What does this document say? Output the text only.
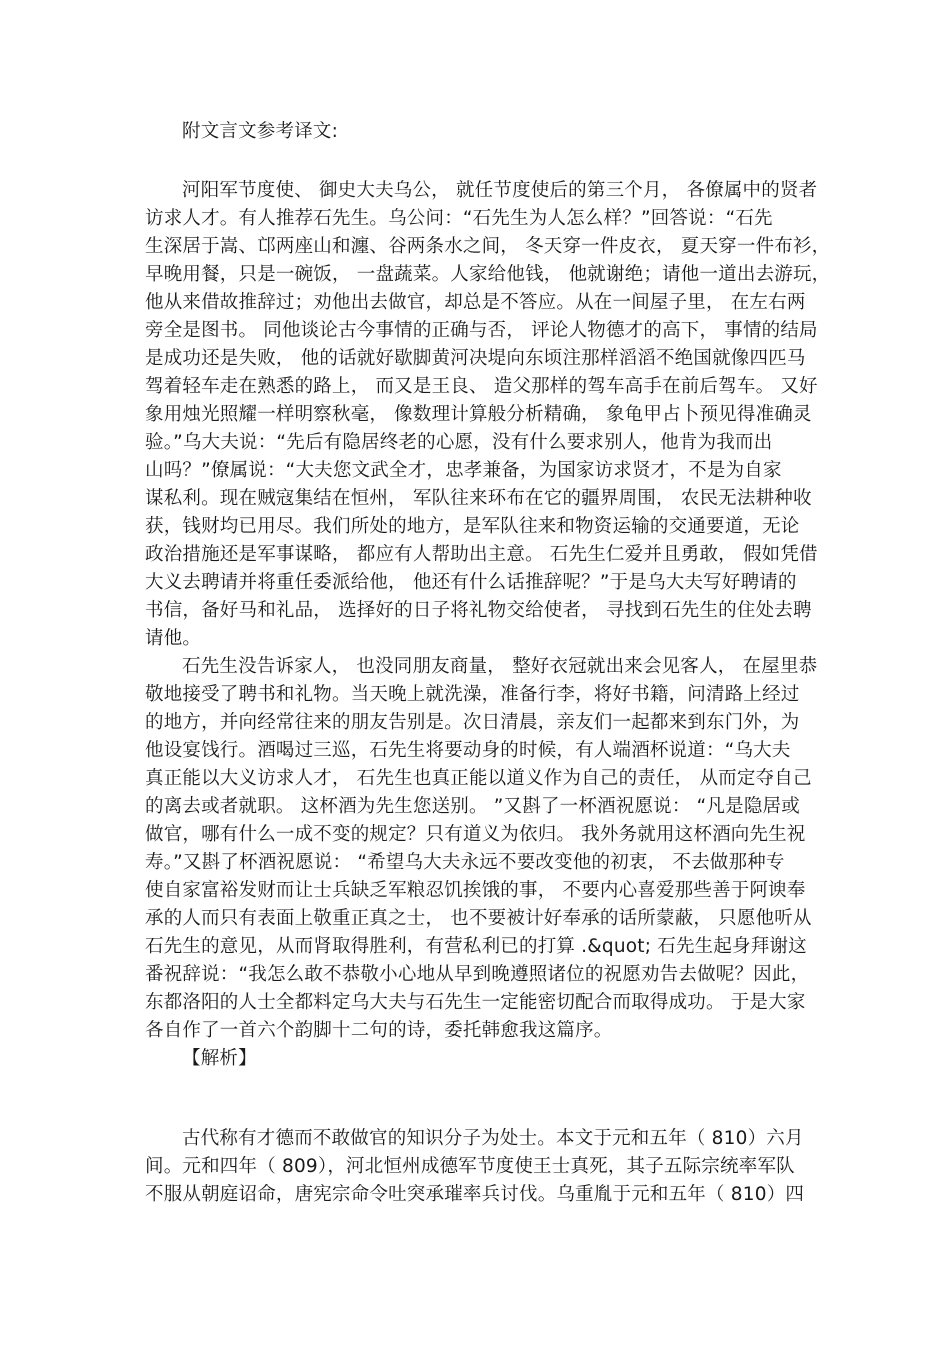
附文言文参考译文:
河阳军节度使、 御史大夫乌公， 就任节度使后的第三个月， 各僚属中的贤者
访求人才。有人推荐石先生。乌公问：“石先生为人怎么样？”回答说：“石先
生深居于嵩、邙两座山和瀍、谷两条水之间， 冬天穿一件皮衣， 夏天穿一件布衫，
早晚用餐，只是一碗饭， 一盘蔬菜。人家给他钱， 他就谢绝；请他一道出去游玩，
他从来借故推辞过；劝他出去做官，却总是不答应。从在一间屋子里， 在左右两
旁全是图书。 同他谈论古今事情的正确与否， 评论人物德才的高下， 事情的结局
是成功还是失败， 他的话就好歇脚黄河决堤向东顷注那样滔滔不绝国就像四匹马
驾着轻车走在熟悉的路上， 而又是王良、 造父那样的驾车高手在前后驾车。 又好
象用烛光照耀一样明察秋毫， 像数理计算般分析精确， 象龟甲占卜预见得准确灵
验。”乌大夫说：“先后有隐居终老的心愿，没有什么要求别人，他肯为我而出
山吗？”僚属说：“大夫您文武全才，忠孝兼备，为国家访求贤才，不是为自家
谋私利。现在贼寇集结在恒州， 军队往来环布在它的疆界周围， 农民无法耕种收
获，钱财均已用尽。我们所处的地方，是军队往来和物资运输的交通要道，无论
政治措施还是军事谋略， 都应有人帮助出主意。 石先生仁爱并且勇敢， 假如凭借
大义去聘请并将重任委派给他， 他还有什么话推辞呢？”于是乌大夫写好聘请的
书信，备好马和礼品， 选择好的日子将礼物交给使者， 寻找到石先生的住处去聘
请他。
石先生没告诉家人， 也没同朋友商量， 整好衣冠就出来会见客人， 在屋里恭
敬地接受了聘书和礼物。当天晚上就洗澡，准备行李，将好书籍，问清路上经过
的地方，并向经常往来的朋友告别是。次日清晨，亲友们一起都来到东门外，为
他设宴饯行。酒喝过三巡，石先生将要动身的时候，有人端酒杯说道：“乌大夫
真正能以大义访求人才， 石先生也真正能以道义作为自己的责任， 从而定夺自己
的离去或者就职。 这杯酒为先生您送别。 ”又斟了一杯酒祝愿说： “凡是隐居或
做官，哪有什么一成不变的规定？只有道义为依归。 我外务就用这杯酒向先生祝
寿。”又斟了杯酒祝愿说： “希望乌大夫永远不要改变他的初衷， 不去做那种专
使自家富裕发财而让士兵缺乏军粮忍饥挨饿的事， 不要内心喜爱那些善于阿谀奉
承的人而只有表面上敬重正真之士， 也不要被计好奉承的话所蒙蔽， 只愿他听从
石先生的意见，从而肾取得胜利，有营私利已的打算 .&quot; 石先生起身拜谢这
番祝辞说：“我怎么敢不恭敬小心地从早到晚遵照诸位的祝愿劝告去做呢？因此，
东都洛阳的人士全都料定乌大夫与石先生一定能密切配合而取得成功。 于是大家
各自作了一首六个韵脚十二句的诗，委托韩愈我这篇序。
【解析】
古代称有才德而不敢做官的知识分子为处士。本文于元和五年（ 810）六月
间。元和四年（ 809），河北恒州成德军节度使王士真死，其子五际宗统率军队
不服从朝庭诏命，唐宪宗命令吐突承璀率兵讨伐。乌重胤于元和五年（ 810）四
